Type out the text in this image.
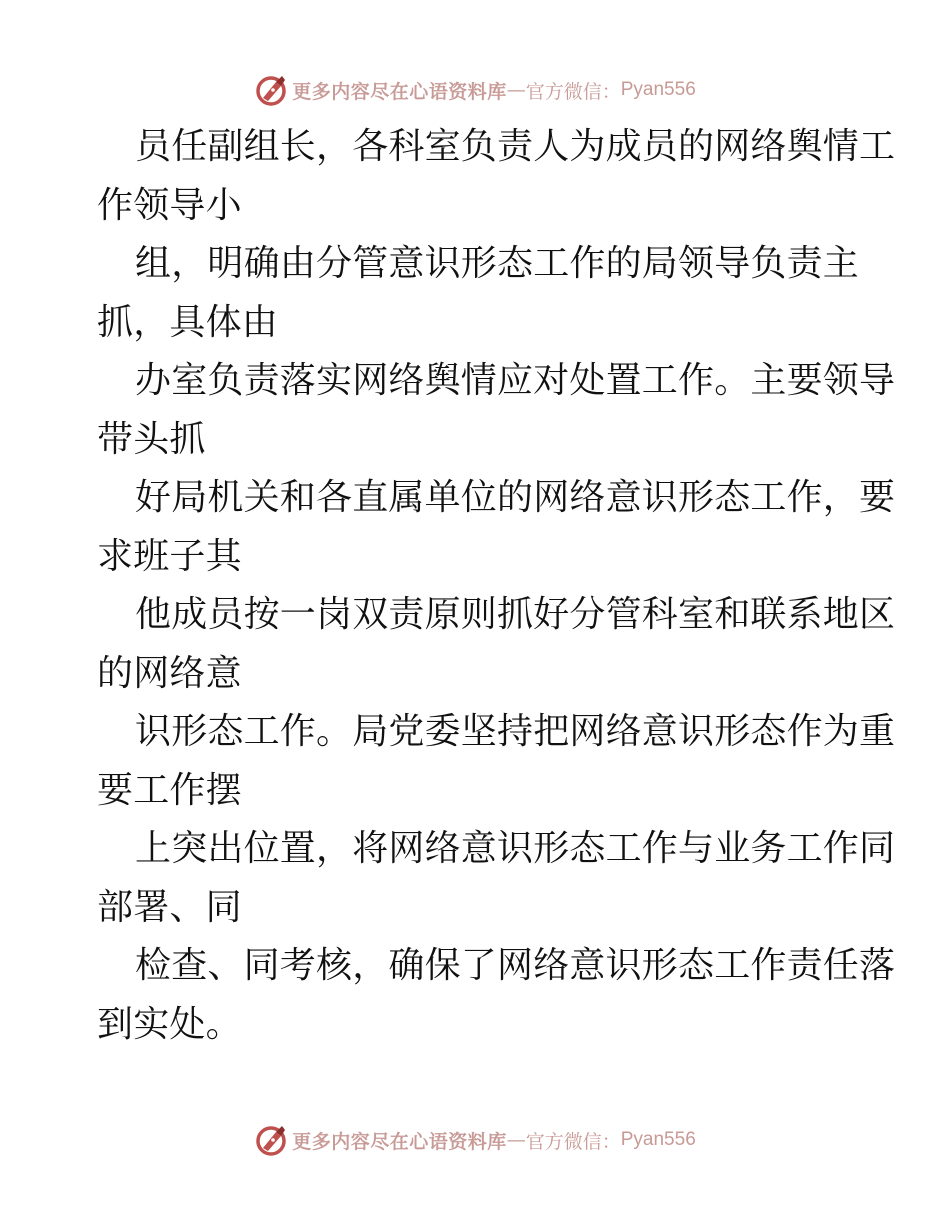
更多内容尽在心语资料库 — 官方微信： Pyan556
员任副组长，各科室负责人为成员的网络舆情工
作领导小
组，明确由分管意识形态工作的局领导负责主
抓，具体由
办室负责落实网络舆情应对处置工作。主要领导
带头抓
好局机关和各直属单位的网络意识形态工作，要
求班子其
他成员按一岗双责原则抓好分管科室和联系地区
的网络意
识形态工作。局党委坚持把网络意识形态作为重
要工作摆
上突出位置，将网络意识形态工作与业务工作同
部署、同
检查、同考核，确保了网络意识形态工作责任落
到实处。
更多内容尽在心语资料库 — 官方微信： Pyan556
